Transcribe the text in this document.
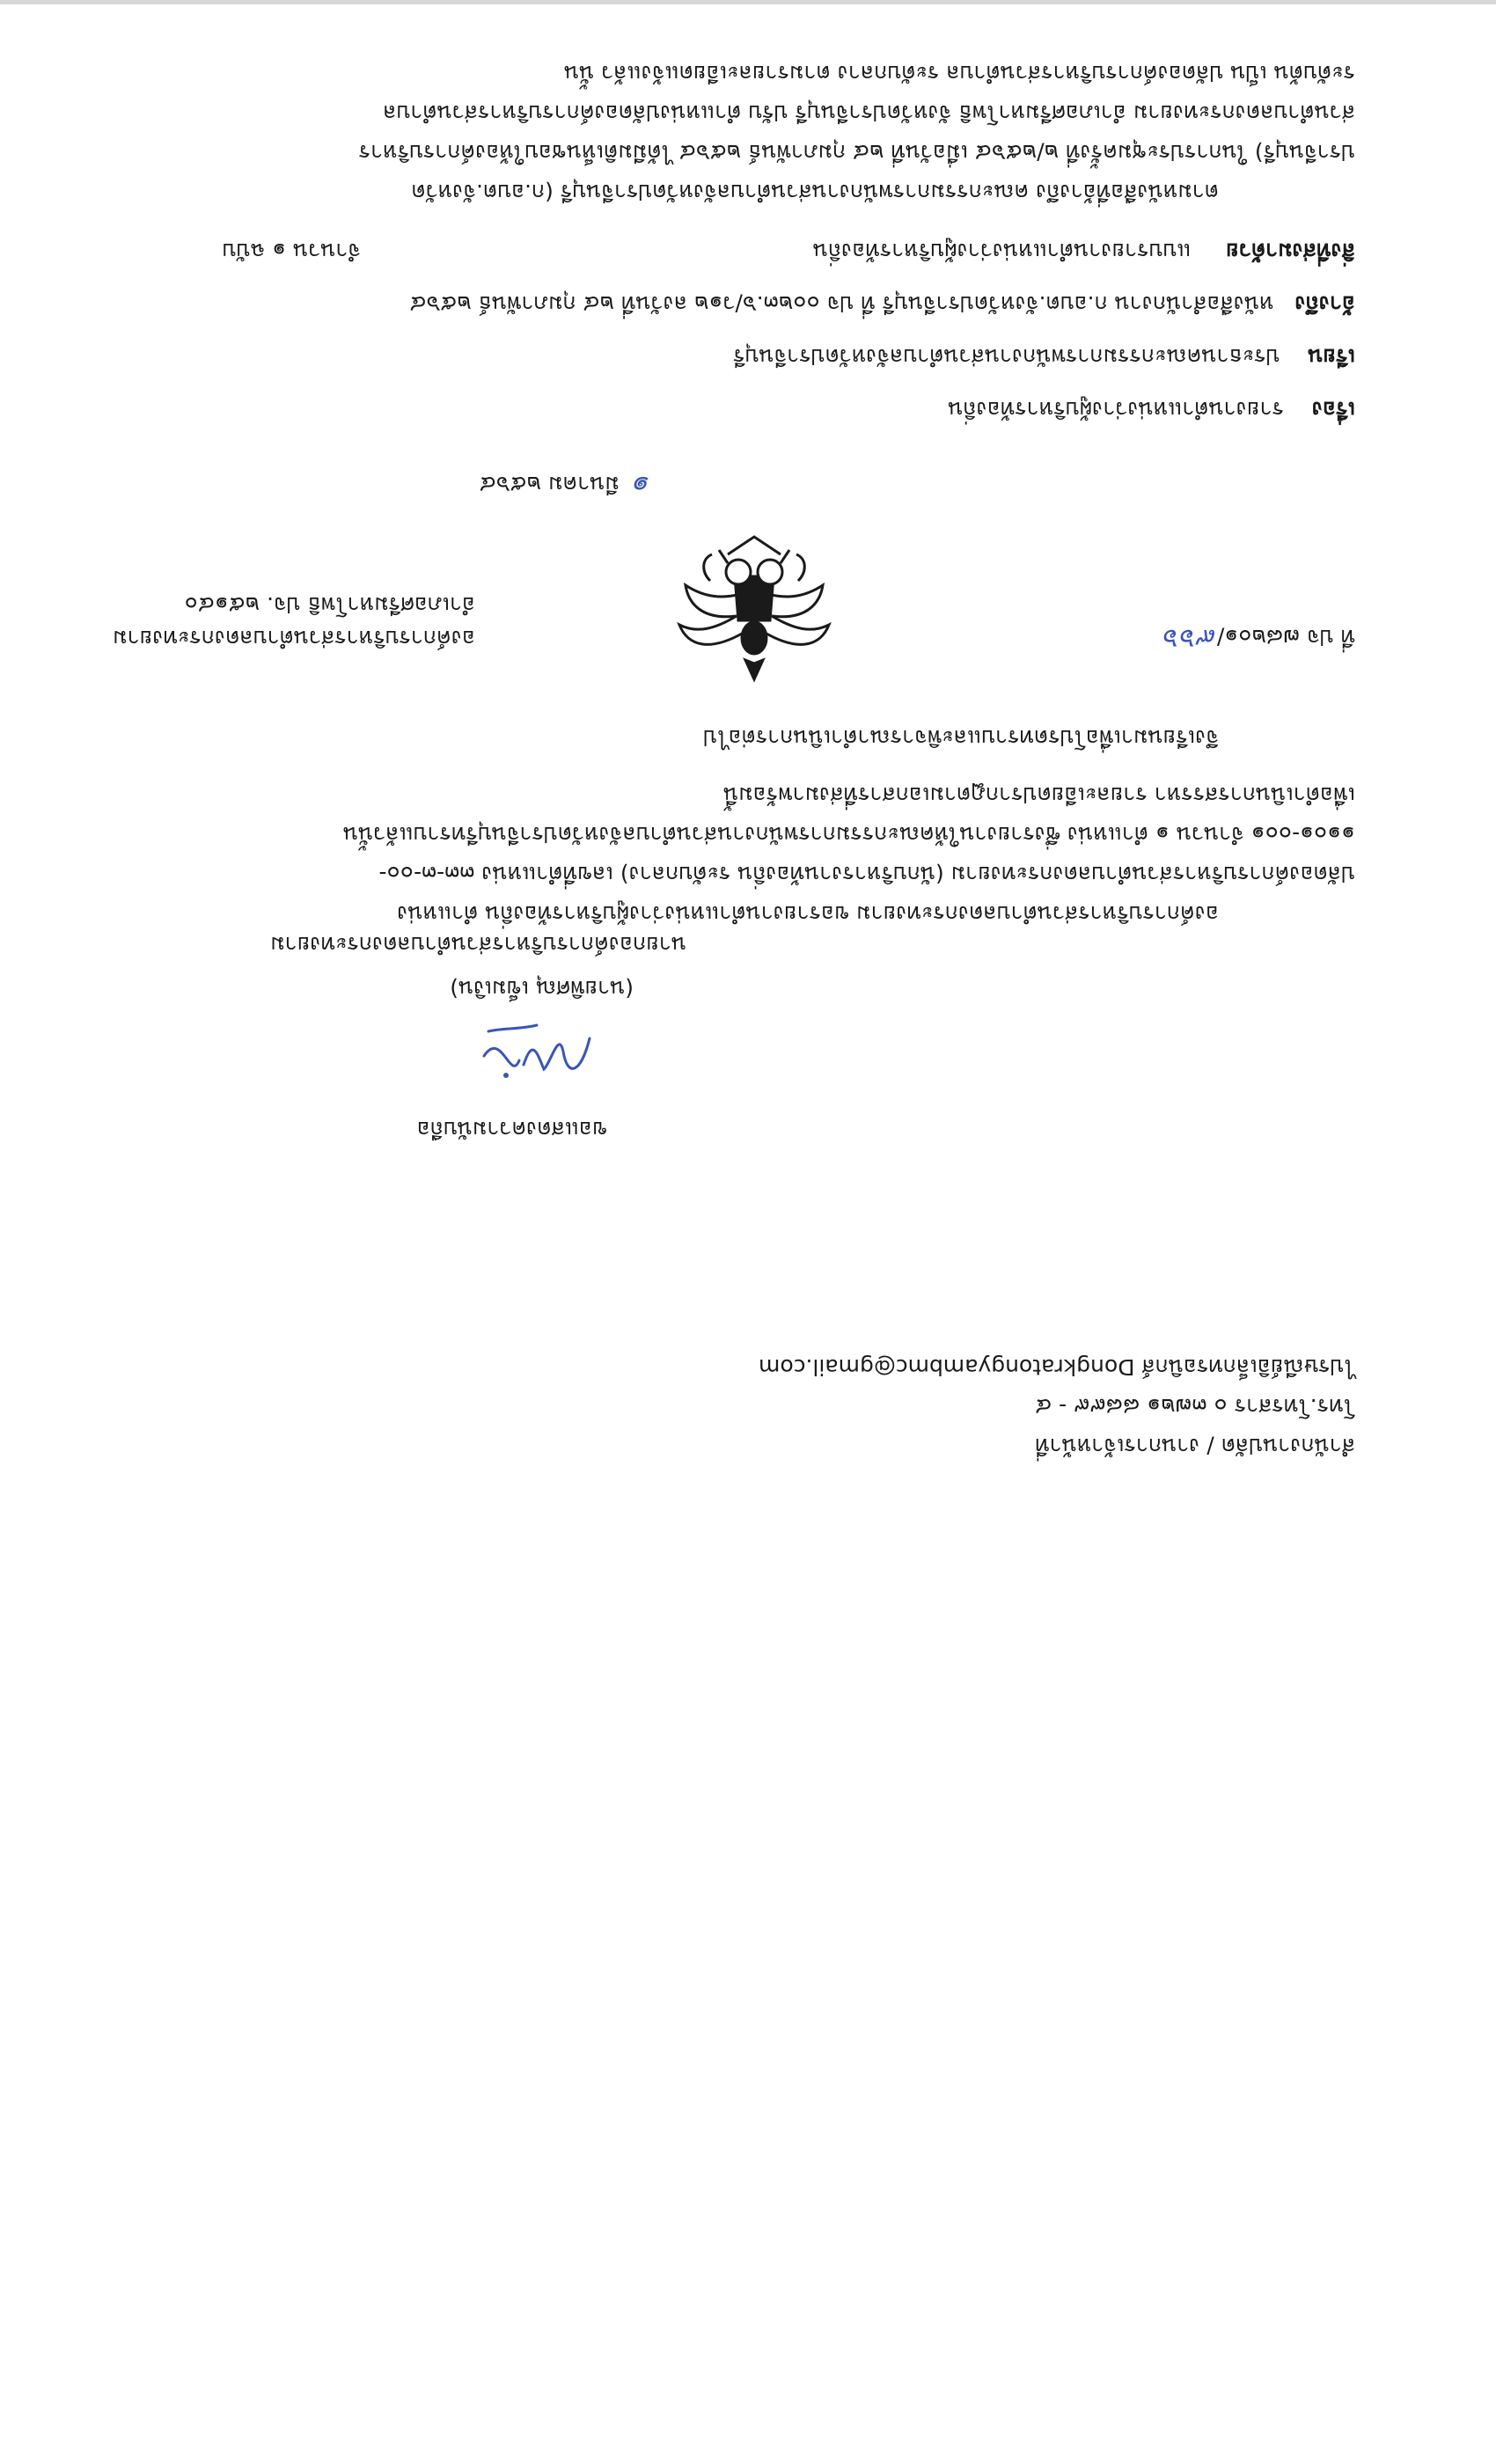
ที่ ปจ ๗๘๒๐๑/๙๖๖
องค์การบริหารส่วนตำบลดงกระทงยาม
อำเภอศรีมหาโพธิ ปจ. ๒๕๑๔๐
๑  มีนาคม ๒๕๖๔
เรื่อง    รายงานตำแหน่งว่างผู้บริหารท้องถิ่น
เรียน    ประธานคณะกรรมการพนักงานส่วนตำบลจังหวัดปราจีนบุรี
อ้างถึง   หนังสือสำนักงาน ก.อบต.จังหวัดปราจีนบุรี ที่ ปจ ๐๐๒๓.๖/ว๑๒ ลงวันที่ ๒๔ กุมภาพันธ์ ๒๕๖๔
สิ่งที่ส่งมาด้วย     แบบรายงานตำแหน่งว่างผู้บริหารท้องถิ่น
จำนวน ๑ ฉบับ
ตามหนังสือที่อ้างถึง คณะกรรมการพนักงานส่วนตำบลจังหวัดปราจีนบุรี (ก.อบต.จังหวัด
ปราจีนบุรี) ในการประชุมครั้งที่ ๒/๒๕๖๔ เมื่อวันที่ ๒๔ กุมภาพันธ์ ๒๕๖๔ ได้มีมติเห็นชอบให้องค์การบริหาร
ส่วนตำบลดงกระทงยาม อำเภอศรีมหาโพธิ จังหวัดปราจีนบุรี ปรับ ตำแหน่งปลัดองค์การบริหารส่วนตำบล
ระดับต้น เป็น ปลัดองค์การบริหารส่วนตำบล ระดับกลาง ตามรายละเอียดแจ้งแล้ว นั้น
องค์การบริหารส่วนตำบลดงกระทงยาม ขอรายงานตำแหน่งว่างผู้บริหารท้องถิ่น ตำแหน่ง
ปลัดองค์การบริหารส่วนตำบลดงกระทงยาม (นักบริหารงานท้องถิ่น ระดับกลาง) เลขที่ตำแหน่ง ๓๓-๓-๐๐-
๑๑๐๑-๐๐๑ จำนวน ๑ ตำแหน่ง ซึ่งรายงานให้คณะกรรมการพนักงานส่วนตำบลจังหวัดปราจีนบุรีทราบแล้วนั้น
เพื่อดำเนินการสรรหา รายละเอียดปรากฏตามเอกสารที่ส่งมาพร้อมนี้
จึงเรียนมาเพื่อโปรดทราบและพิจารณาดำเนินการต่อไป
ขอแสดงความนับถือ
(นายพิศณุ เข็มเงิน)
นายกองค์การบริหารส่วนตำบลดงกระทงยาม
สำนักงานปลัด / งานการเจ้าหน้าที่
โทร.โทรสาร ๐ ๓๗๒๑ ๘๘๙๙ - ๔
ไปรษณีย์อิเล็กทรอนิกส์ Dongkratongyambmc@gmail.com
